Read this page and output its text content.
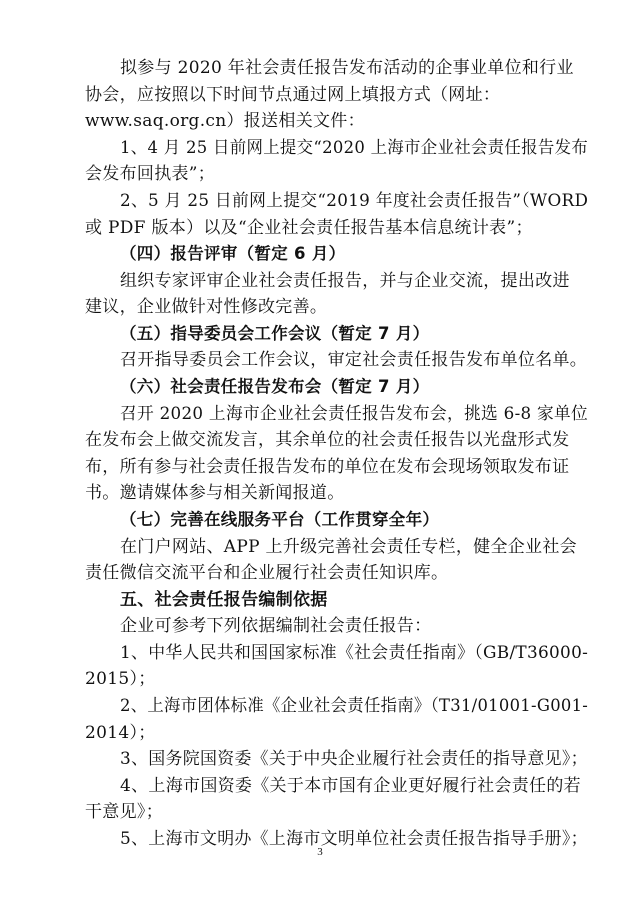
拟参与 2020 年社会责任报告发布活动的企事业单位和行业
协会，应按照以下时间节点通过网上填报方式（网址：
www.saq.org.cn）报送相关文件：
1、4 月 25 日前网上提交“2020 上海市企业社会责任报告发布
会发布回执表”；
2、5 月 25 日前网上提交“2019 年度社会责任报告”（WORD
或 PDF 版本）以及“企业社会责任报告基本信息统计表”；
（四）报告评审（暂定 6 月）
组织专家评审企业社会责任报告，并与企业交流，提出改进
建议，企业做针对性修改完善。
（五）指导委员会工作会议（暂定 7 月）
召开指导委员会工作会议，审定社会责任报告发布单位名单。
（六）社会责任报告发布会（暂定 7 月）
召开 2020 上海市企业社会责任报告发布会，挑选 6-8 家单位
在发布会上做交流发言，其余单位的社会责任报告以光盘形式发
布，所有参与社会责任报告发布的单位在发布会现场领取发布证
书。邀请媒体参与相关新闻报道。
（七）完善在线服务平台（工作贯穿全年）
在门户网站、APP 上升级完善社会责任专栏，健全企业社会
责任微信交流平台和企业履行社会责任知识库。
五、社会责任报告编制依据
企业可参考下列依据编制社会责任报告：
1、中华人民共和国国家标准《社会责任指南》（GB/T36000-
2015）；
2、上海市团体标准《企业社会责任指南》（T31/01001-G001-
2014）；
3、国务院国资委《关于中央企业履行社会责任的指导意见》；
4、上海市国资委《关于本市国有企业更好履行社会责任的若
干意见》；
5、上海市文明办《上海市文明单位社会责任报告指导手册》；
3
